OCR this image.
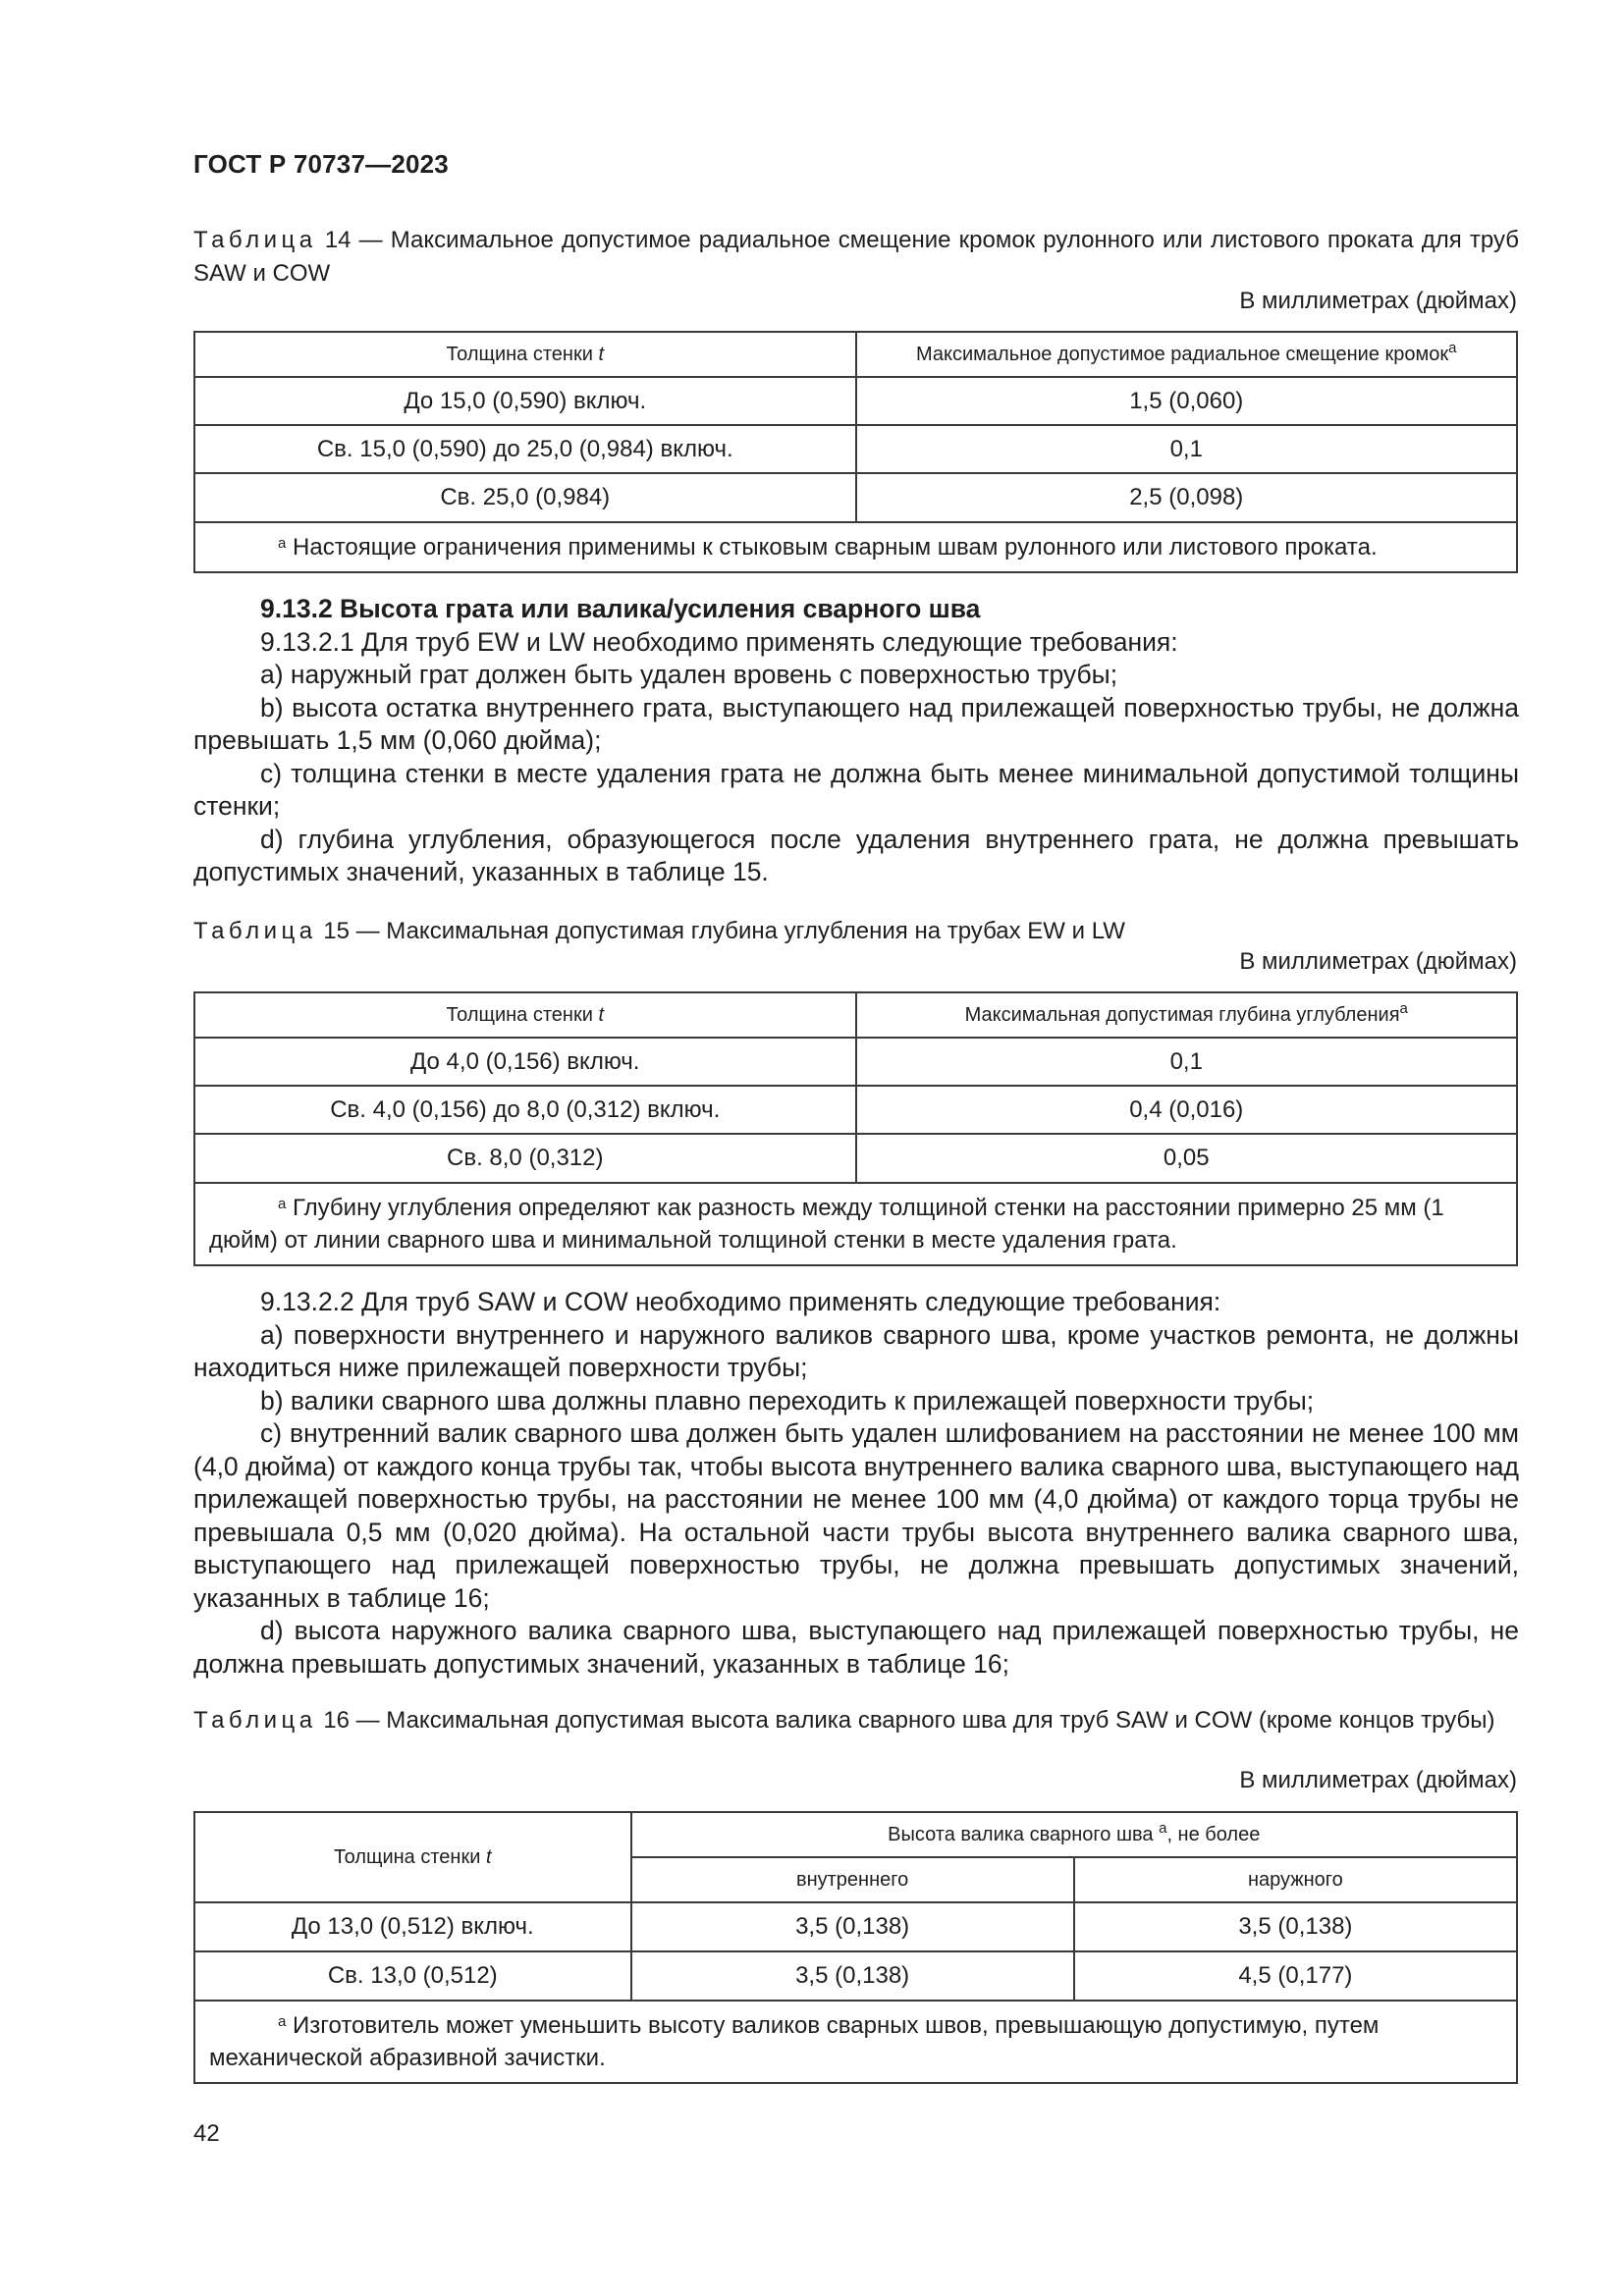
ГОСТ Р 70737—2023
Таблица 14 — Максимальное допустимое радиальное смещение кромок рулонного или листового проката для труб SAW и COW
В миллиметрах (дюймах)
Толщина стенки t	Максимальное допустимое радиальное смещение кромок$^a$
До 15,0 (0,590) включ.	1,5 (0,060)
Св. 15,0 (0,590) до 25,0 (0,984) включ.	0,1
Св. 25,0 (0,984)	2,5 (0,098)
$^a$ Настоящие ограничения применимы к стыковым сварным швам рулонного или листового проката.	

9.13.2 Высота грата или валика/усиления сварного шва

9.13.2.1 Для труб EW и LW необходимо применять следующие требования:

а) наружный грат должен быть удален вровень с поверхностью трубы;

b) высота остатка внутреннего грата, выступающего над прилежащей поверхностью трубы, не должна превышать 1,5 мм (0,060 дюйма);

с) толщина стенки в месте удаления грата не должна быть менее минимальной допустимой толщины стенки;

d) глубина углубления, образующегося после удаления внутреннего грата, не должна превышать допустимых значений, указанных в таблице 15.

Таблица 15 — Максимальная допустимая глубина углубления на трубах EW и LW
В миллиметрах (дюймах)
Толщина стенки t	Максимальная допустимая глубина углубления$^a$
До 4,0 (0,156) включ.	0,1
Св. 4,0 (0,156) до 8,0 (0,312) включ.	0,4 (0,016)
Св. 8,0 (0,312)	0,05
$^a$ Глубину углубления определяют как разность между толщиной стенки на расстоянии примерно 25 мм (1 дюйм) от линии сварного шва и минимальной толщиной стенки в месте удаления грата.	

9.13.2.2 Для труб SAW и COW необходимо применять следующие требования:

а) поверхности внутреннего и наружного валиков сварного шва, кроме участков ремонта, не должны находиться ниже прилежащей поверхности трубы;

b) валики сварного шва должны плавно переходить к прилежащей поверхности трубы;

с) внутренний валик сварного шва должен быть удален шлифованием на расстоянии не менее 100 мм (4,0 дюйма) от каждого конца трубы так, чтобы высота внутреннего валика сварного шва, выступающего над прилежащей поверхностью трубы, на расстоянии не менее 100 мм (4,0 дюйма) от каждого торца трубы не превышала 0,5 мм (0,020 дюйма). На остальной части трубы высота внутреннего валика сварного шва, выступающего над прилежащей поверхностью трубы, не должна превышать допустимых значений, указанных в таблице 16;

d) высота наружного валика сварного шва, выступающего над прилежащей поверхностью трубы, не должна превышать допустимых значений, указанных в таблице 16;

Таблица 16 — Максимальная допустимая высота валика сварного шва для труб SAW и COW (кроме концов трубы)
В миллиметрах (дюймах)
Толщина стенки t	Высота валика сварного шва $^a$, не более	
	внутреннего	наружного
До 13,0 (0,512) включ.	3,5 (0,138)	3,5 (0,138)
Св. 13,0 (0,512)	3,5 (0,138)	4,5 (0,177)
$^a$ Изготовитель может уменьшить высоту валиков сварных швов, превышающую допустимую, путем механической абразивной зачистки.		
42
